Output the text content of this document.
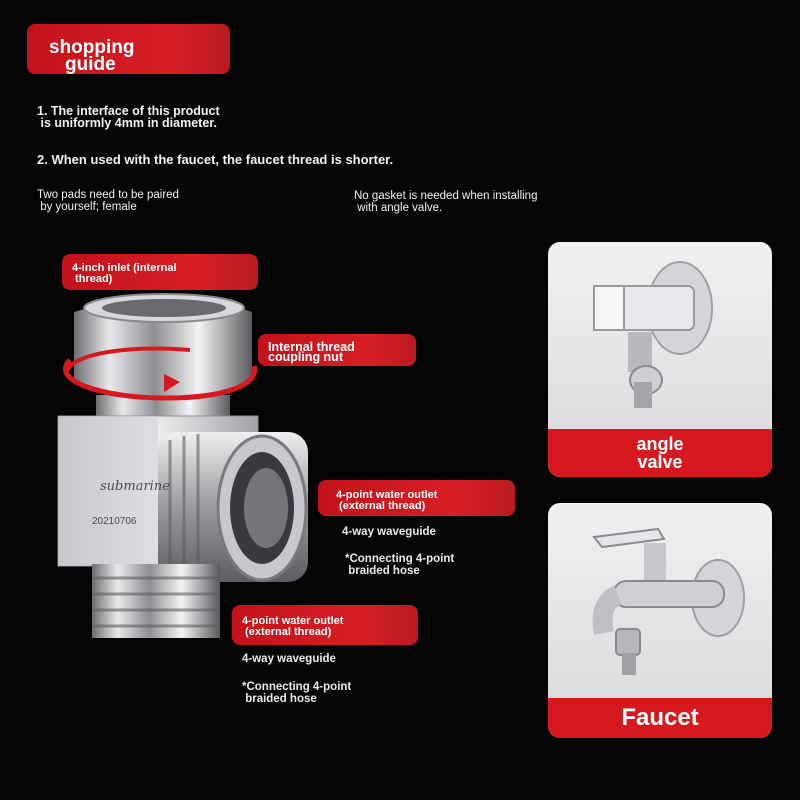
shopping
guide
1. The interface of this product
is uniformly 4mm in diameter.
2. When used with the faucet, the faucet thread is shorter.
Two pads need to be paired
by yourself; female
No gasket is needed when installing
with angle valve.
submarine
20210706
4-inch inlet (internal
thread)
Internal thread
coupling nut
4-point water outlet
(external thread)
4-way waveguide
*Connecting 4-point
braided hose
4-point water outlet
(external thread)
4-way waveguide
*Connecting 4-point
braided hose
angle
valve
Faucet
